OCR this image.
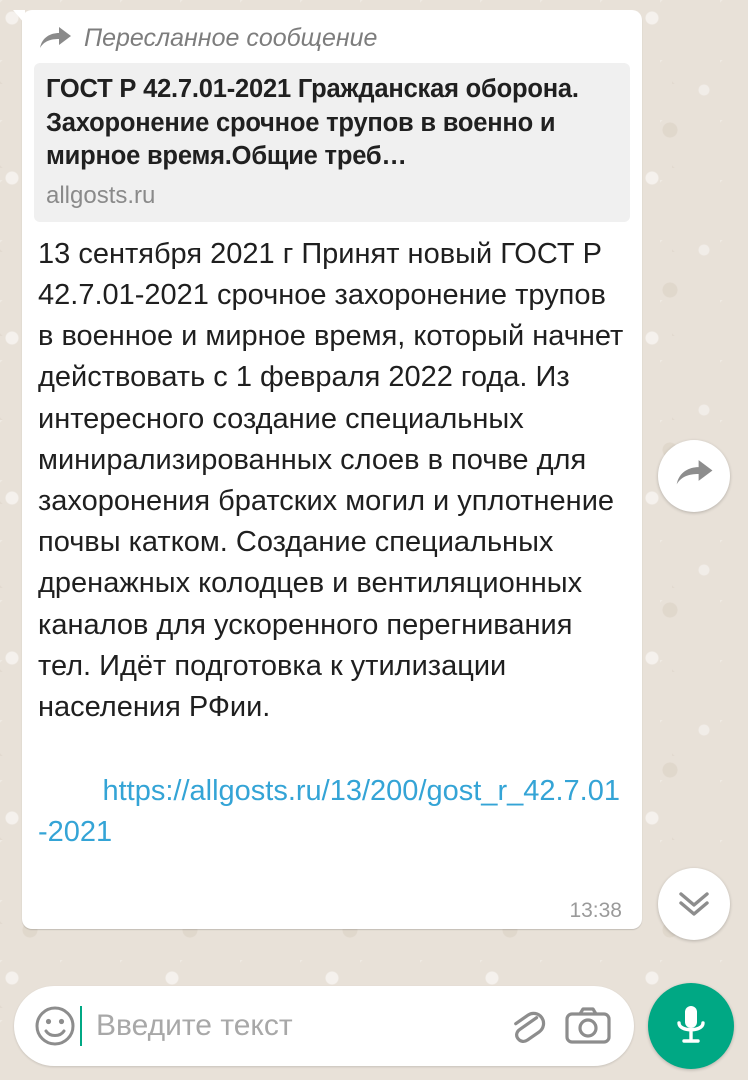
Пересланное сообщение
ГОСТ Р 42.7.01-2021 Гражданская оборона. Захоронение срочное трупов в военно и мирное время.Общие треб…
allgosts.ru
13 сентября 2021 г Принят новый ГОСТ Р 42.7.01-2021 срочное захоронение трупов в военное и мирное время, который начнет действовать с 1 февраля 2022 года. Из интересного создание специальных минирализированных слоев в почве для захоронения братских могил и уплотнение почвы катком. Создание специальных дренажных колодцев и вентиляционных каналов для ускоренного перегнивания тел. Идёт подготовка к утилизации населения РФии.

https://allgosts.ru/13/200/gost_r_42.7.01-2021

13:38
Введите текст
